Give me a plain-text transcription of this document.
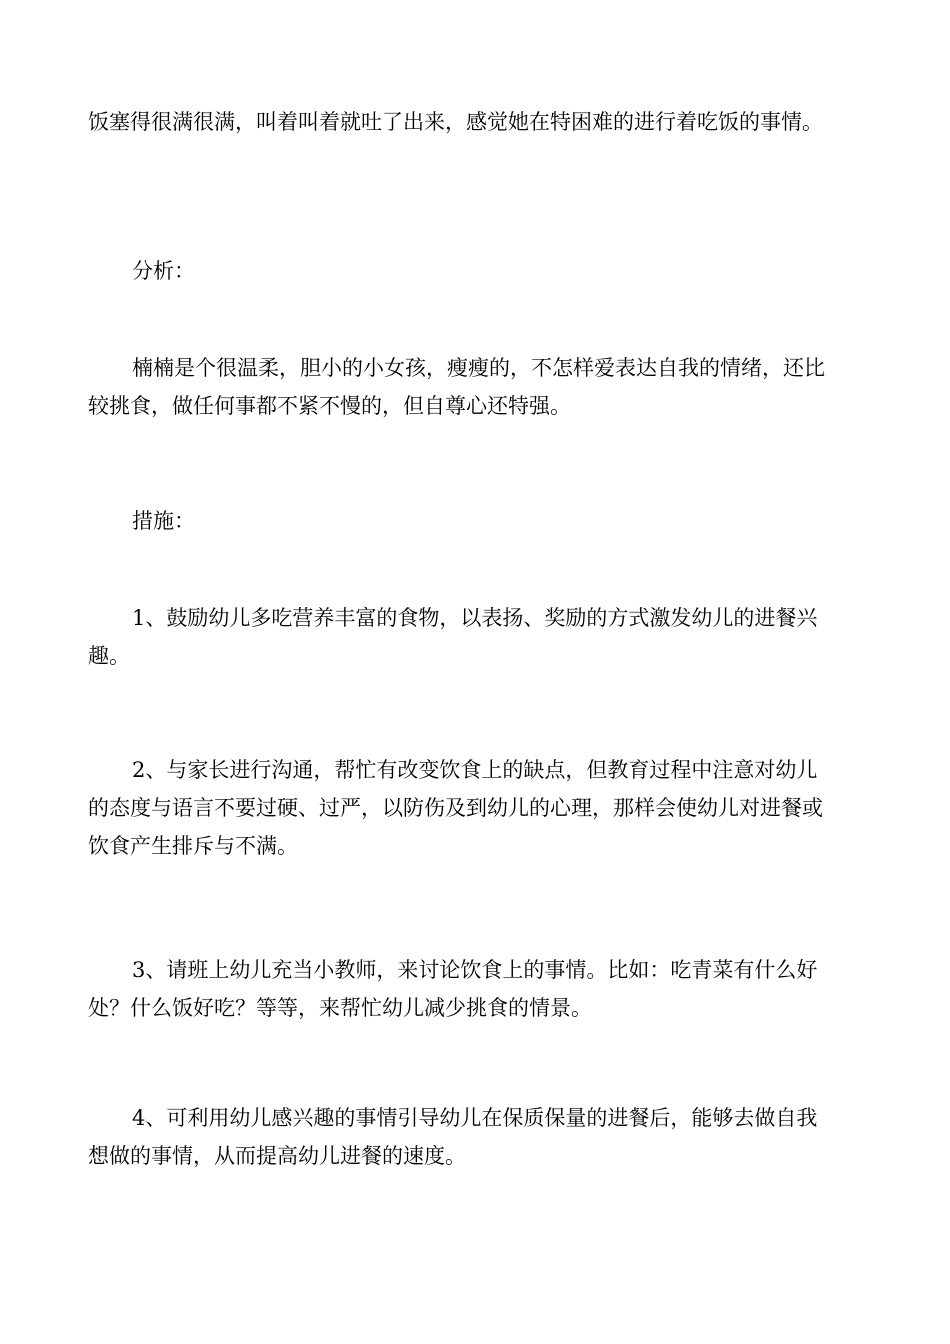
饭塞得很满很满，叫着叫着就吐了出来，感觉她在特困难的进行着吃饭的事情。

分析：

楠楠是个很温柔，胆小的小女孩，瘦瘦的，不怎样爱表达自我的情绪，还比
较挑食，做任何事都不紧不慢的，但自尊心还特强。

措施：

1、鼓励幼儿多吃营养丰富的食物，以表扬、奖励的方式激发幼儿的进餐兴
趣。

2、与家长进行沟通，帮忙有改变饮食上的缺点，但教育过程中注意对幼儿
的态度与语言不要过硬、过严，以防伤及到幼儿的心理，那样会使幼儿对进餐或
饮食产生排斥与不满。

3、请班上幼儿充当小教师，来讨论饮食上的事情。比如：吃青菜有什么好
处？什么饭好吃？等等，来帮忙幼儿减少挑食的情景。

4、可利用幼儿感兴趣的事情引导幼儿在保质保量的进餐后，能够去做自我
想做的事情，从而提高幼儿进餐的速度。
